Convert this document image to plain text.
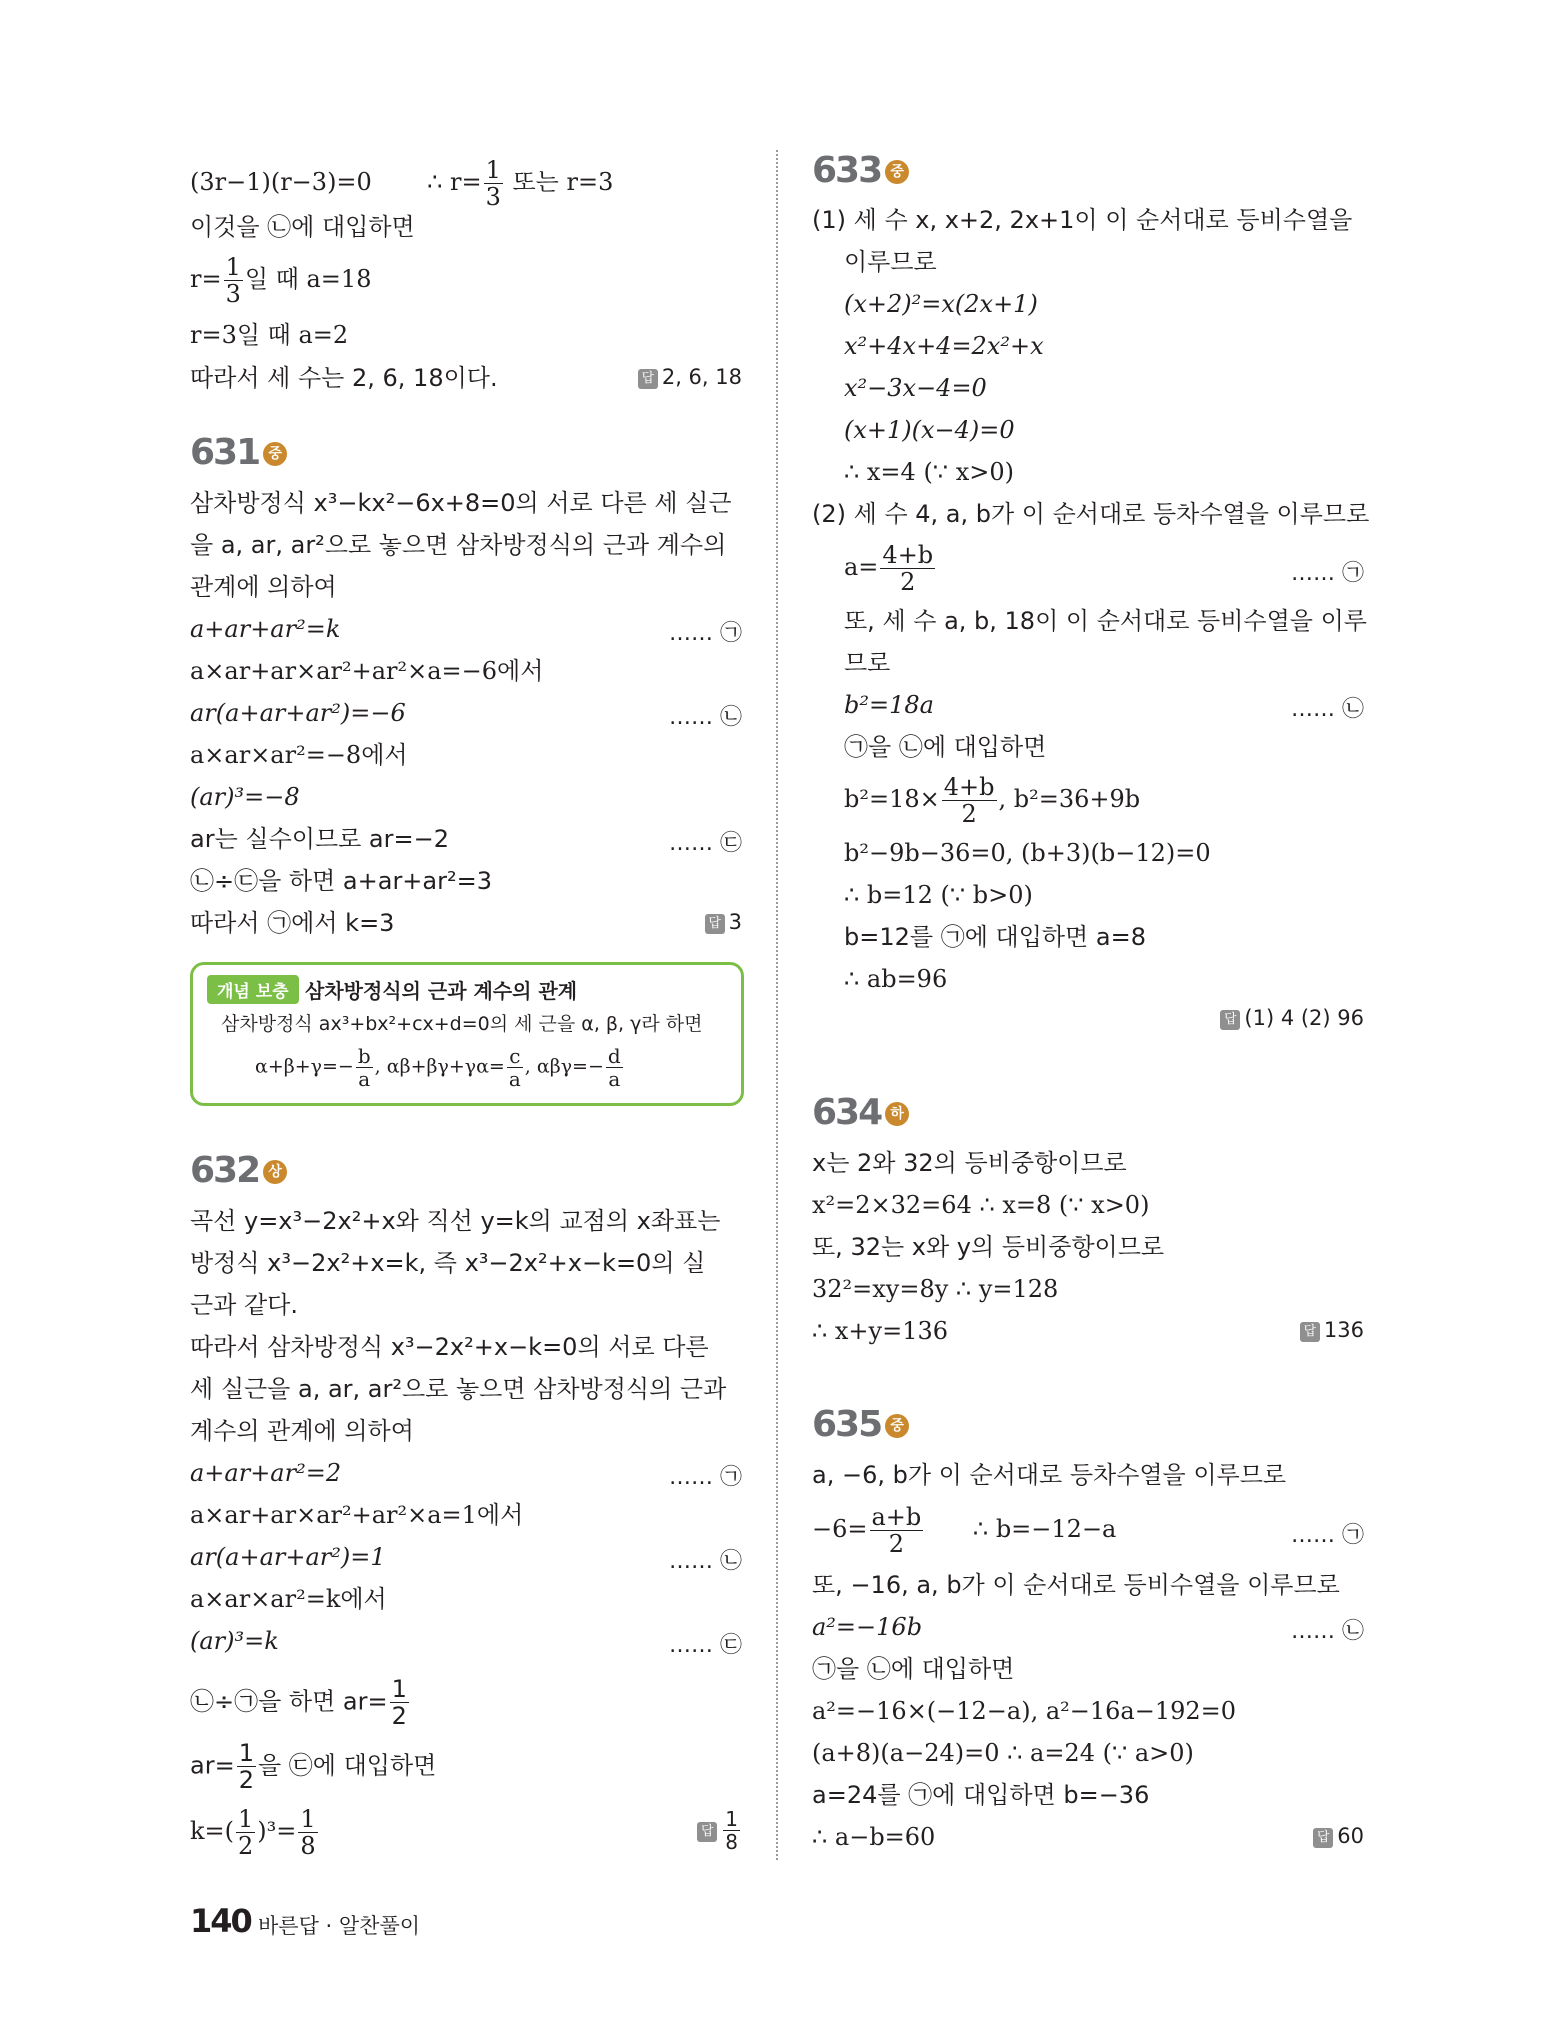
(3r−1)(r−3)=0 ∴ $r= \frac{1}{3}$ 또는 r=3
이것을 ㉡에 대입하면
$r= \frac{1}{3}$ 일 때 a=18
r=3일 때 a=2
따라서 세 수는 2, 6, 18이다.	답 2, 6, 18
631 중
삼차방정식 x³−kx²−6x+8=0의 서로 다른 세 실근
을 a, ar, ar²으로 놓으면 삼차방정식의 근과 계수의
관계에 의하여
a+ar+ar²=k	…… ㉠
a×ar+ar×ar²+ar²×a=−6에서
ar(a+ar+ar²)=−6	…… ㉡
a×ar×ar²=−8에서
(ar)³=−8
ar는 실수이므로 ar=−2	…… ㉢
㉡÷㉢을 하면 a+ar+ar²=3
따라서 ㉠에서 k=3	답 3
개념 보충 삼차방정식의 근과 계수의 관계
삼차방정식 ax³+bx²+cx+d=0의 세 근을 α, β, γ라 하면
$\alpha+\beta+\gamma=- \frac{b}{a}$ , $\alpha\beta+\beta\gamma+\gamma\alpha= \frac{c}{a}$ , $\alpha\beta\gamma=- \frac{d}{a}$
632 상
곡선 y=x³−2x²+x와 직선 y=k의 교점의 x좌표는
방정식 x³−2x²+x=k, 즉 x³−2x²+x−k=0의 실
근과 같다.
따라서 삼차방정식 x³−2x²+x−k=0의 서로 다른
세 실근을 a, ar, ar²으로 놓으면 삼차방정식의 근과
계수의 관계에 의하여
a+ar+ar²=2	…… ㉠
a×ar+ar×ar²+ar²×a=1에서
ar(a+ar+ar²)=1	…… ㉡
a×ar×ar²=k에서
(ar)³=k	…… ㉢
㉡÷㉠을 하면 $ar= \frac{1}{2}$
$ar= \frac{1}{2}$ 을 ㉢에 대입하면
$k=( \frac{1}{2} )^3= \frac{1}{8}$	답 $\frac{1}{8}$
633 중
(1) 세 수 x, x+2, 2x+1이 이 순서대로 등비수열을
이루므로
(x+2)²=x(2x+1)
x²+4x+4=2x²+x
x²−3x−4=0
(x+1)(x−4)=0
∴ x=4 (∵ x>0)
(2) 세 수 4, a, b가 이 순서대로 등차수열을 이루므로
$a= \frac{4+b}{2}$	…… ㉠
또, 세 수 a, b, 18이 이 순서대로 등비수열을 이루
므로
b²=18a	…… ㉡
㉠을 ㉡에 대입하면
$b^2=18\times \frac{4+b}{2}$ , b²=36+9b
b²−9b−36=0, (b+3)(b−12)=0
∴ b=12 (∵ b>0)
b=12를 ㉠에 대입하면 a=8
∴ ab=96
답 (1) 4 (2) 96
634 하
x는 2와 32의 등비중항이므로
x²=2×32=64 ∴ x=8 (∵ x>0)
또, 32는 x와 y의 등비중항이므로
32²=xy=8y ∴ y=128
∴ x+y=136	답 136
635 중
a, −6, b가 이 순서대로 등차수열을 이루므로
$-6= \frac{a+b}{2}$ ∴ b=−12−a	…… ㉠
또, −16, a, b가 이 순서대로 등비수열을 이루므로
a²=−16b	…… ㉡
㉠을 ㉡에 대입하면
a²=−16×(−12−a), a²−16a−192=0
(a+8)(a−24)=0 ∴ a=24 (∵ a>0)
a=24를 ㉠에 대입하면 b=−36
∴ a−b=60	답 60
140 바른답 · 알찬풀이
